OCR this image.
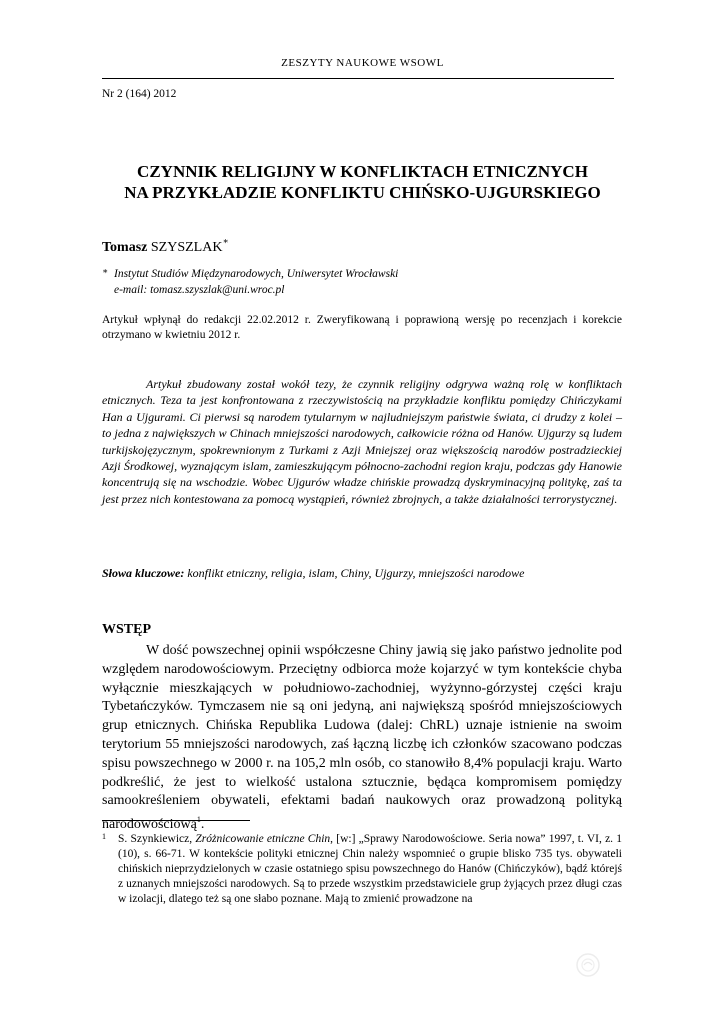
ZESZYTY NAUKOWE WSOWL
Nr 2 (164) 2012
CZYNNIK RELIGIJNY W KONFLIKTACH ETNICZNYCH
NA PRZYKŁADZIE KONFLIKTU CHIŃSKO-UJGURSKIEGO
Tomasz SZYSZLAK∗
∗ Instytut Studiów Międzynarodowych, Uniwersytet Wrocławski
e-mail: tomasz.szyszlak@uni.wroc.pl
Artykuł wpłynął do redakcji 22.02.2012 r. Zweryfikowaną i poprawioną wersję po recenzjach i korekcie otrzymano w kwietniu 2012 r.

Artykuł zbudowany został wokół tezy, że czynnik religijny odgrywa ważną rolę w konfliktach etnicznych. Teza ta jest konfrontowana z rzeczywistością na przykładzie konfliktu pomiędzy Chińczykami Han a Ujgurami. Ci pierwsi są narodem tytularnym w najludniejszym państwie świata, ci drudzy z kolei – to jedna z największych w Chinach mniejszości narodowych, całkowicie różna od Hanów. Ujgurzy są ludem turkijskojęzycznym, spokrewnionym z Turkami z Azji Mniejszej oraz większością narodów postradzieckiej Azji Środkowej, wyznającym islam, zamieszkującym północno-zachodni region kraju, podczas gdy Hanowie koncentrują się na wschodzie. Wobec Ujgurów władze chińskie prowadzą dyskryminacyjną politykę, zaś ta jest przez nich kontestowana za pomocą wystąpień, również zbrojnych, a także działalności terrorystycznej.

Słowa kluczowe: konflikt etniczny, religia, islam, Chiny, Ujgurzy, mniejszości narodowe
WSTĘP

W dość powszechnej opinii współczesne Chiny jawią się jako państwo jednolite pod względem narodowościowym. Przeciętny odbiorca może kojarzyć w tym kontekście chyba wyłącznie mieszkających w południowo-zachodniej, wyżynno-górzystej części kraju Tybetańczyków. Tymczasem nie są oni jedyną, ani największą spośród mniejszościowych grup etnicznych. Chińska Republika Ludowa (dalej: ChRL) uznaje istnienie na swoim terytorium 55 mniejszości narodowych, zaś łączną liczbę ich członków szacowano podczas spisu powszechnego w 2000 r. na 105,2 mln osób, co stanowiło 8,4% populacji kraju. Warto podkreślić, że jest to wielkość ustalona sztucznie, będąca kompromisem pomiędzy samookreśleniem obywateli, efektami badań naukowych oraz prowadzoną polityką narodowościową$^1$.

1 S. Szynkiewicz, Zróżnicowanie etniczne Chin, [w:] „Sprawy Narodowościowe. Seria nowa” 1997, t. VI, z. 1 (10), s. 66-71. W kontekście polityki etnicznej Chin należy wspomnieć o grupie blisko 735 tys. obywateli chińskich nieprzydzielonych w czasie ostatniego spisu powszechnego do Hanów (Chińczyków), bądź którejś z uznanych mniejszości narodowych. Są to przede wszystkim przedstawiciele grup żyjących przez długi czas w izolacji, dlatego też są one słabo poznane. Mają to zmienić prowadzone na
